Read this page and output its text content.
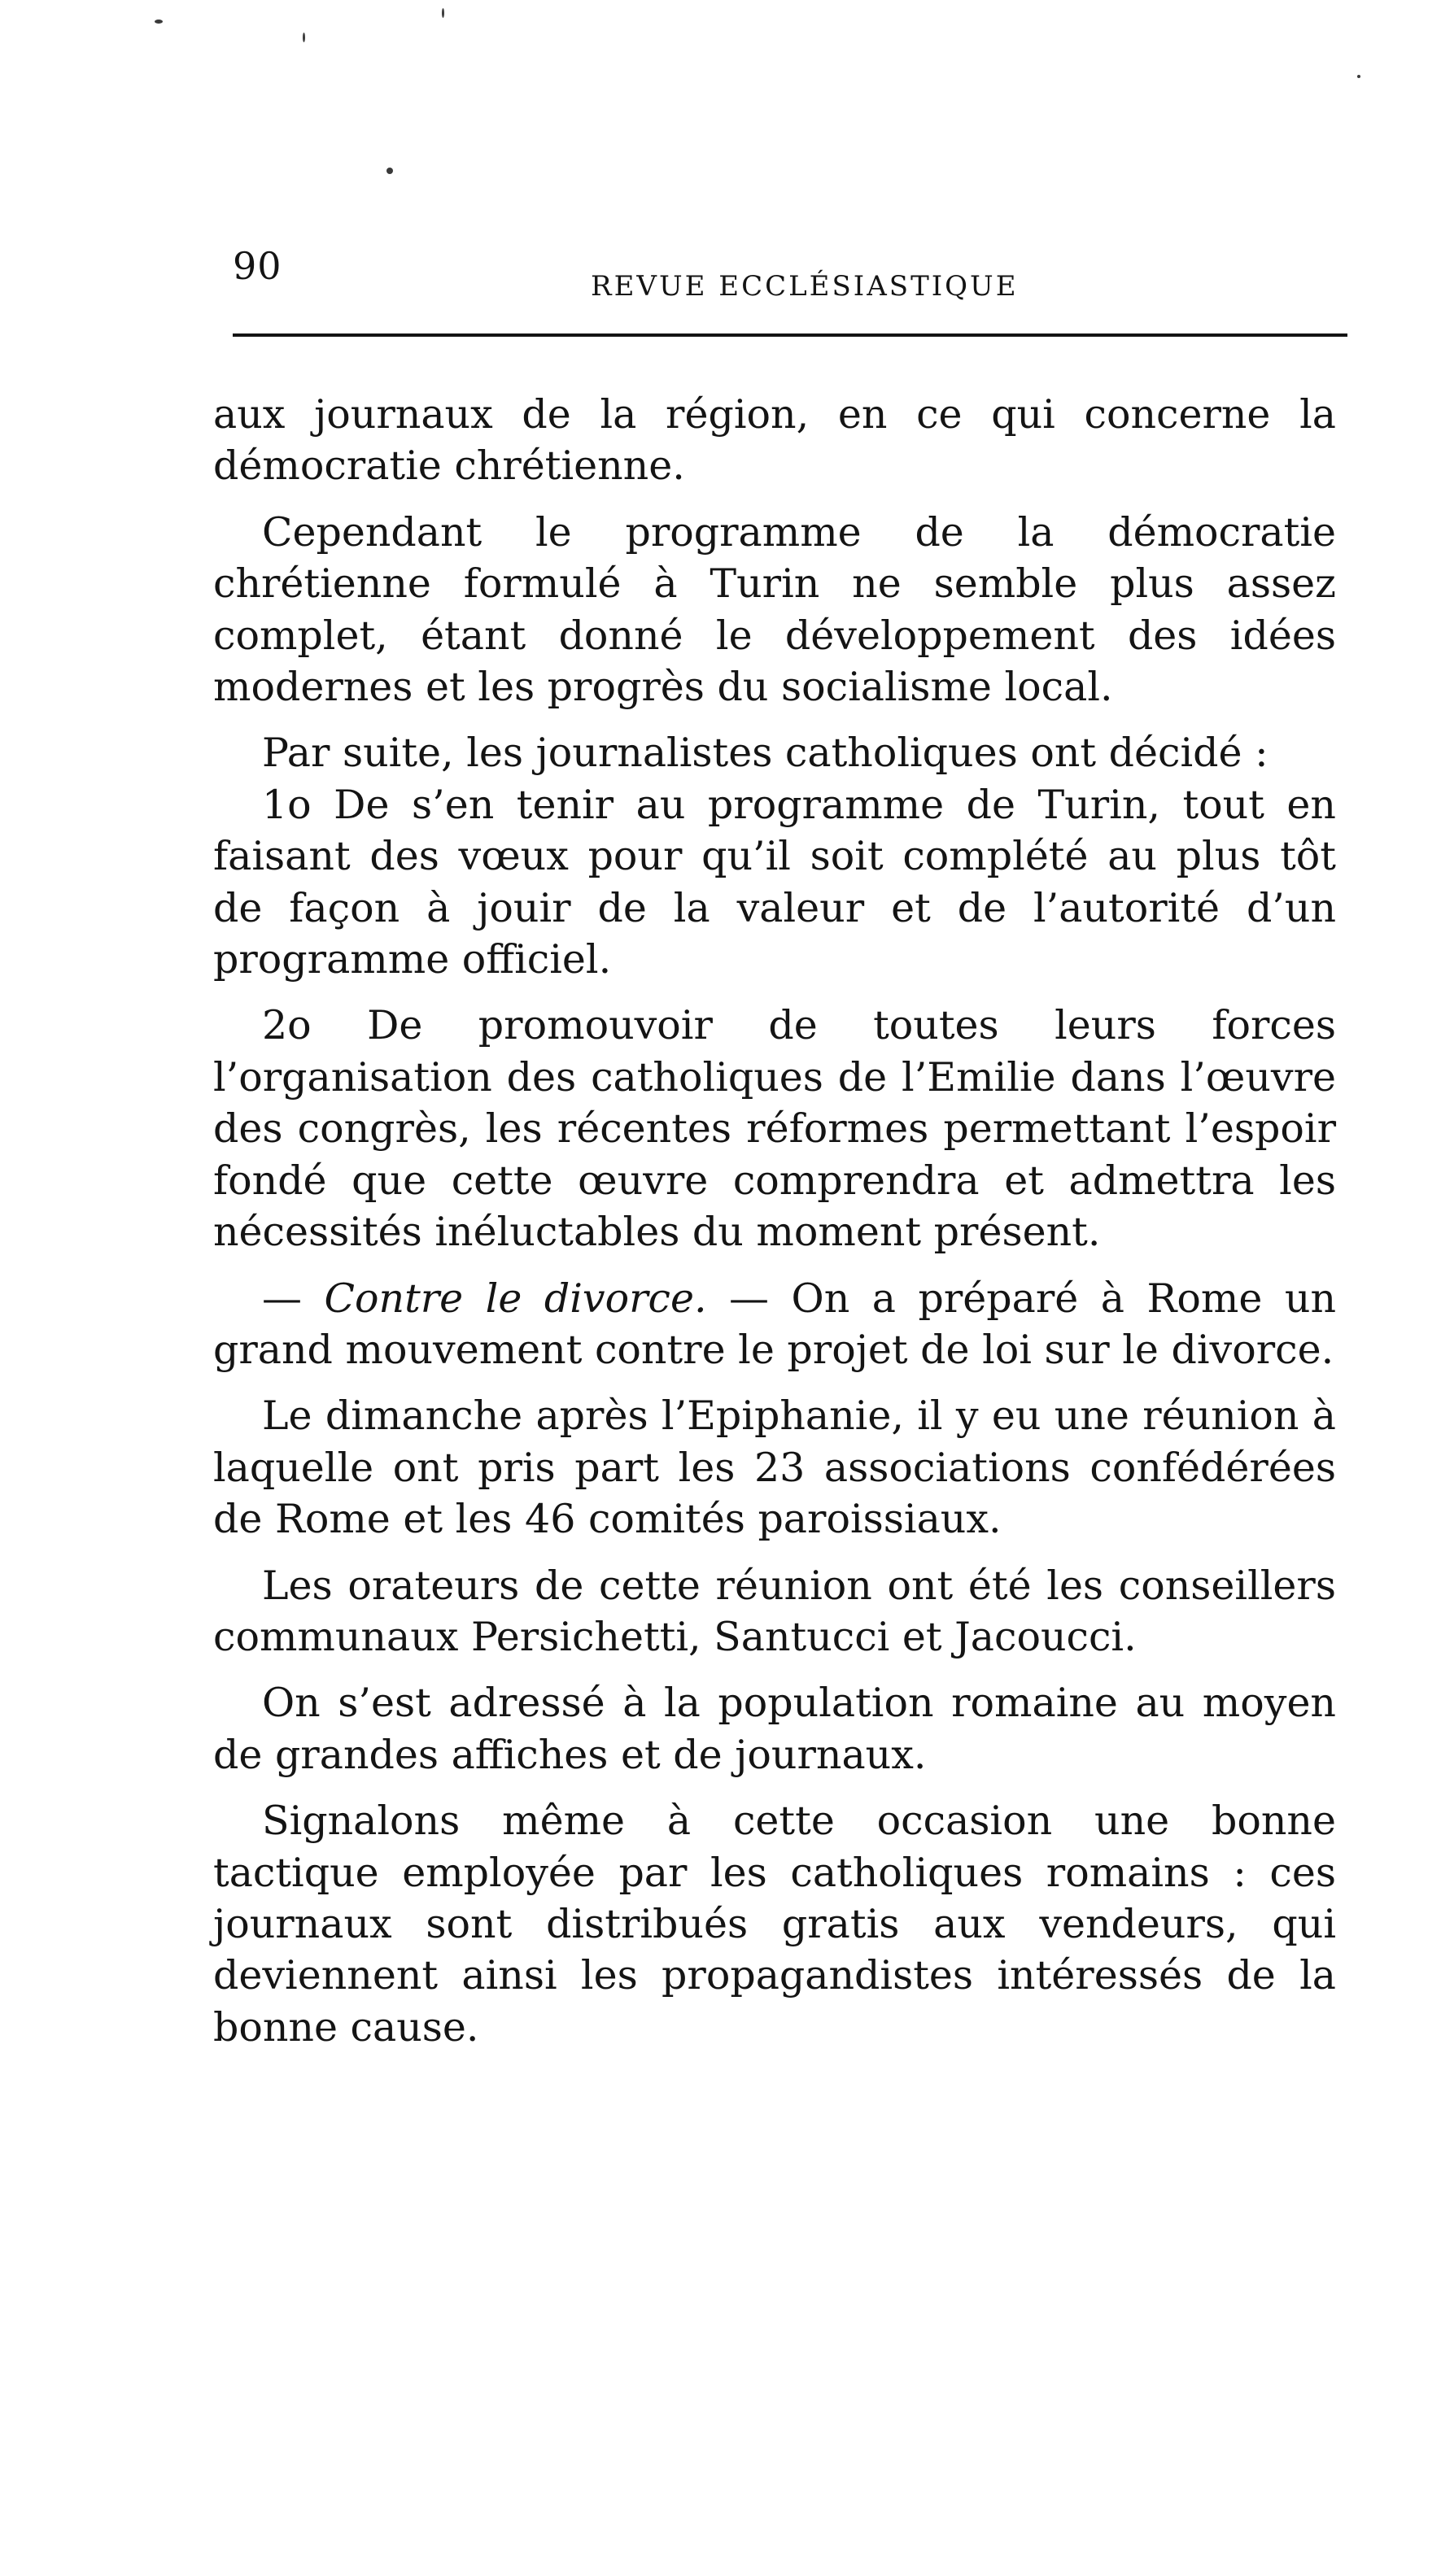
90	REVUE ECCLÉSIASTIQUE

aux journaux de la région, en ce qui concerne la démocratie chrétienne.

Cependant le programme de la démocratie chrétienne formulé à Turin ne semble plus assez complet, étant donné le développement des idées modernes et les progrès du socialisme local.

Par suite, les journalistes catholiques ont décidé :

1o De s’en tenir au programme de Turin, tout en faisant des vœux pour qu’il soit complété au plus tôt de façon à jouir de la valeur et de l’autorité d’un programme officiel.

2o De promouvoir de toutes leurs forces l’organisation des catholiques de l’Emilie dans l’œuvre des congrès, les récentes réformes permettant l’espoir fondé que cette œuvre comprendra et admettra les nécessités inéluctables du moment présent.

— Contre le divorce. — On a préparé à Rome un grand mouvement contre le projet de loi sur le divorce.

Le dimanche après l’Epiphanie, il y eu une réunion à laquelle ont pris part les 23 associations confédérées de Rome et les 46 comités paroissiaux.

Les orateurs de cette réunion ont été les conseillers communaux Persichetti, Santucci et Jacoucci.

On s’est adressé à la population romaine au moyen de grandes affiches et de journaux.

Signalons même à cette occasion une bonne tactique employée par les catholiques romains : ces journaux sont distribués gratis aux vendeurs, qui deviennent ainsi les propagandistes intéressés de la bonne cause.
